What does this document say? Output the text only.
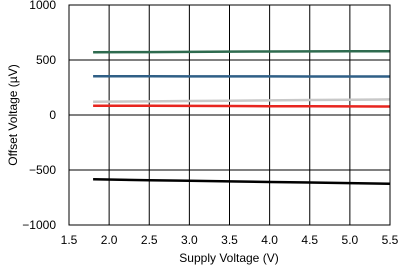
1.5 2.0 2.5 3.0 3.5 4.0 4.5 5.0 5.5
−1000
−500
0
500
1000
Supply Voltage (V)
Offset Voltage (µV)
